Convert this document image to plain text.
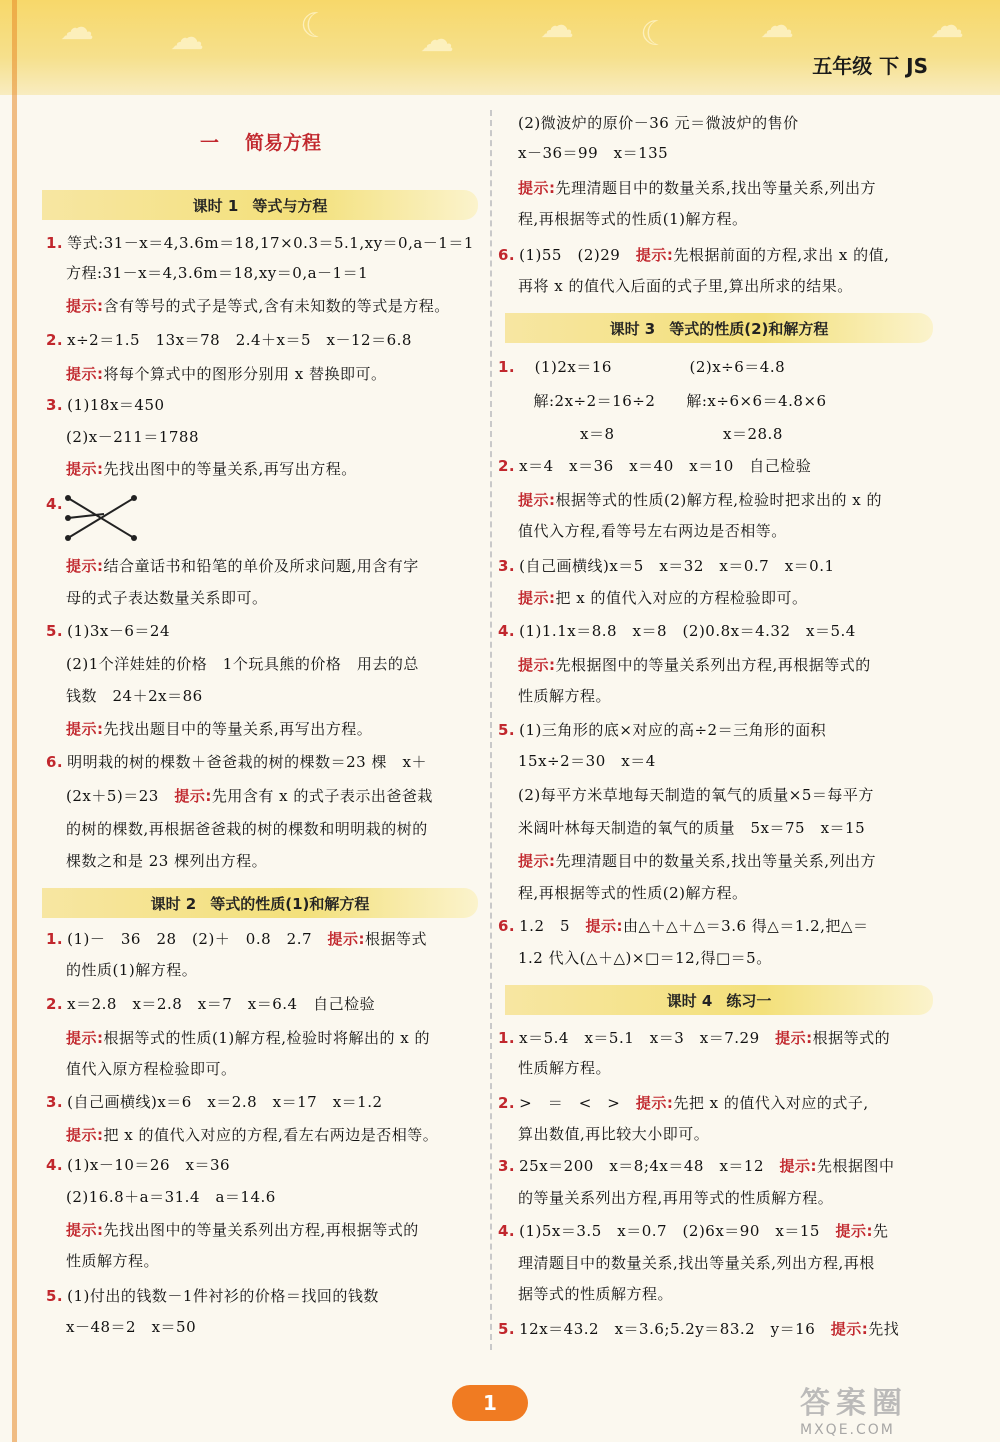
☁ ☁	☾	☁	☁ ☾	☁	☁
五年级 下 JS
一 简易方程
课时 1 等式与方程
课时 2 等式的性质(1)和解方程
课时 3 等式的性质(2)和解方程
课时 4 练习一
1. 等式:31－x＝4,3.6m＝18,17×0.3＝5.1,xy＝0,a－1＝1
方程:31－x＝4,3.6m＝18,xy＝0,a－1＝1
提示:含有等号的式子是等式,含有未知数的等式是方程。
2. x÷2＝1.5　13x＝78　2.4＋x＝5　x－12＝6.8
提示:将每个算式中的图形分别用 x 替换即可。
3. (1)18x＝450
(2)x－211＝1788
提示:先找出图中的等量关系,再写出方程。
4.
提示:结合童话书和铅笔的单价及所求问题,用含有字
母的式子表达数量关系即可。
5. (1)3x－6＝24
(2)1个洋娃娃的价格　1个玩具熊的价格　用去的总
钱数　24＋2x＝86
提示:先找出题目中的等量关系,再写出方程。
6. 明明栽的树的棵数＋爸爸栽的树的棵数＝23 棵　x＋
(2x＋5)＝23　提示:先用含有 x 的式子表示出爸爸栽
的树的棵数,再根据爸爸栽的树的棵数和明明栽的树的
棵数之和是 23 棵列出方程。
1. (1)－　36　28　(2)＋　0.8　2.7　提示:根据等式
的性质(1)解方程。
2. x＝2.8　x＝2.8　x＝7　x＝6.4　自己检验
提示:根据等式的性质(1)解方程,检验时将解出的 x 的
值代入原方程检验即可。
3. (自己画横线)x＝6　x＝2.8　x＝17　x＝1.2
提示:把 x 的值代入对应的方程,看左右两边是否相等。
4. (1)x－10＝26　x＝36
(2)16.8＋a＝31.4　a＝14.6
提示:先找出图中的等量关系列出方程,再根据等式的
性质解方程。
5. (1)付出的钱数－1件衬衫的价格＝找回的钱数
x－48＝2　x＝50
(2)微波炉的原价－36 元＝微波炉的售价
x－36＝99　x＝135
提示:先理清题目中的数量关系,找出等量关系,列出方
程,再根据等式的性质(1)解方程。
6. (1)55　(2)29　提示:先根据前面的方程,求出 x 的值,
再将 x 的值代入后面的式子里,算出所求的结果。
1.　(1)2x＝16　　　　　(2)x÷6＝4.8
　解:2x÷2＝16÷2　　解:x÷6×6＝4.8×6
　　　　x＝8　　　　　　　x＝28.8
2. x＝4　x＝36　x＝40　x＝10　自己检验
提示:根据等式的性质(2)解方程,检验时把求出的 x 的
值代入方程,看等号左右两边是否相等。
3. (自己画横线)x＝5　x＝32　x＝0.7　x＝0.1
提示:把 x 的值代入对应的方程检验即可。
4. (1)1.1x＝8.8　x＝8　(2)0.8x＝4.32　x＝5.4
提示:先根据图中的等量关系列出方程,再根据等式的
性质解方程。
5. (1)三角形的底×对应的高÷2＝三角形的面积
15x÷2＝30　x＝4
(2)每平方米草地每天制造的氧气的质量×5＝每平方
米阔叶林每天制造的氧气的质量　5x＝75　x＝15
提示:先理清题目中的数量关系,找出等量关系,列出方
程,再根据等式的性质(2)解方程。
6. 1.2　5　提示:由△＋△＋△＝3.6 得△＝1.2,把△＝
1.2 代入(△＋△)×□＝12,得□＝5。
1. x＝5.4　x＝5.1　x＝3　x＝7.29　提示:根据等式的
性质解方程。
2. >　＝　<　>　提示:先把 x 的值代入对应的式子,
算出数值,再比较大小即可。
3. 25x＝200　x＝8;4x＝48　x＝12　提示:先根据图中
的等量关系列出方程,再用等式的性质解方程。
4. (1)5x＝3.5　x＝0.7　(2)6x＝90　x＝15　提示:先
理清题目中的数量关系,找出等量关系,列出方程,再根
据等式的性质解方程。
5. 12x＝43.2　x＝3.6;5.2y＝83.2　y＝16　提示:先找
1	答案圈
MXQE.COM
